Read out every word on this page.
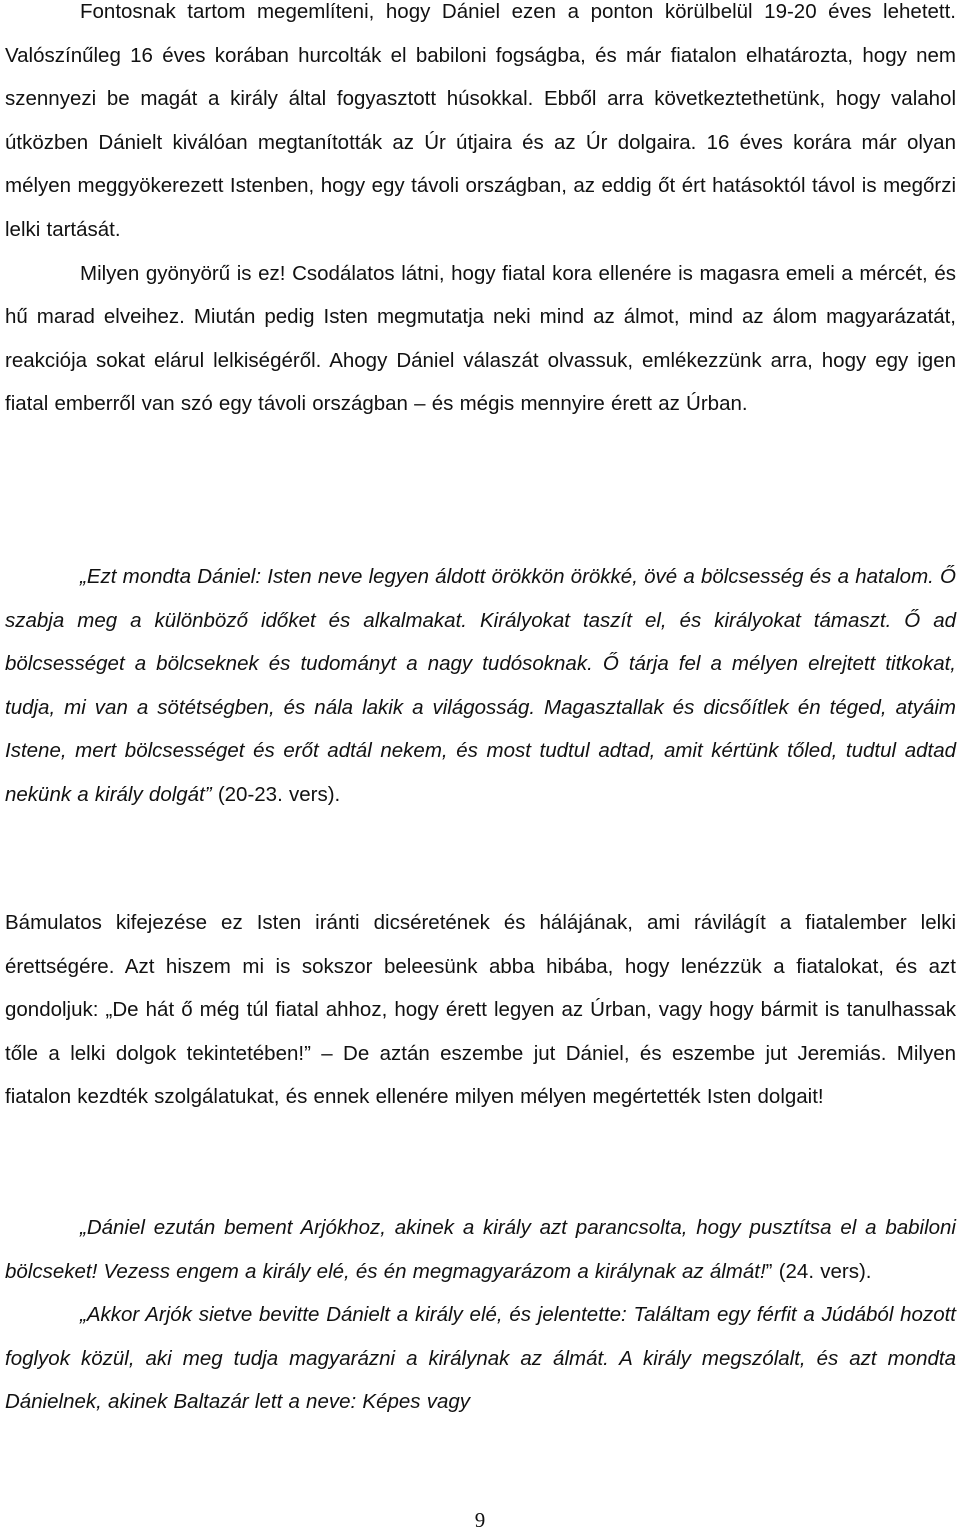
Fontosnak tartom megemlíteni, hogy Dániel ezen a ponton körülbelül 19-20 éves lehetett. Valószínűleg 16 éves korában hurcolták el babiloni fogságba, és már fiatalon elhatározta, hogy nem szennyezi be magát a király által fogyasztott húsokkal. Ebből arra következtethetünk, hogy valahol útközben Dánielt kiválóan megtanították az Úr útjaira és az Úr dolgaira. 16 éves korára már olyan mélyen meggyökerezett Istenben, hogy egy távoli országban, az eddig őt ért hatásoktól távol is megőrzi lelki tartását.

Milyen gyönyörű is ez! Csodálatos látni, hogy fiatal kora ellenére is magasra emeli a mércét, és hű marad elveihez. Miután pedig Isten megmutatja neki mind az álmot, mind az álom magyarázatát, reakciója sokat elárul lelkiségéről. Ahogy Dániel válaszát olvassuk, emlékezzünk arra, hogy egy igen fiatal emberről van szó egy távoli országban – és mégis mennyire érett az Úrban.

„Ezt mondta Dániel: Isten neve legyen áldott örökkön örökké, övé a bölcsesség és a hatalom. Ő szabja meg a különböző időket és alkalmakat. Királyokat taszít el, és királyokat támaszt. Ő ad bölcsességet a bölcseknek és tudományt a nagy tudósoknak. Ő tárja fel a mélyen elrejtett titkokat, tudja, mi van a sötétségben, és nála lakik a világosság. Magasztallak és dicsőítlek én téged, atyáim Istene, mert bölcsességet és erőt adtál nekem, és most tudtul adtad, amit kértünk tőled, tudtul adtad nekünk a király dolgát” (20-23. vers).

Bámulatos kifejezése ez Isten iránti dicséretének és hálájának, ami rávilágít a fiatalember lelki érettségére. Azt hiszem mi is sokszor beleesünk abba hibába, hogy lenézzük a fiatalokat, és azt gondoljuk: „De hát ő még túl fiatal ahhoz, hogy érett legyen az Úrban, vagy hogy bármit is tanulhassak tőle a lelki dolgok tekintetében!” – De aztán eszembe jut Dániel, és eszembe jut Jeremiás. Milyen fiatalon kezdték szolgálatukat, és ennek ellenére milyen mélyen megértették Isten dolgait!

„Dániel ezután bement Arjókhoz, akinek a király azt parancsolta, hogy pusztítsa el a babiloni bölcseket! Vezess engem a király elé, és én megmagyarázom a királynak az álmát!” (24. vers).

„Akkor Arjók sietve bevitte Dánielt a király elé, és jelentette: Találtam egy férfit a Júdából hozott foglyok közül, aki meg tudja magyarázni a királynak az álmát. A király megszólalt, és azt mondta Dánielnek, akinek Baltazár lett a neve: Képes vagy

9
